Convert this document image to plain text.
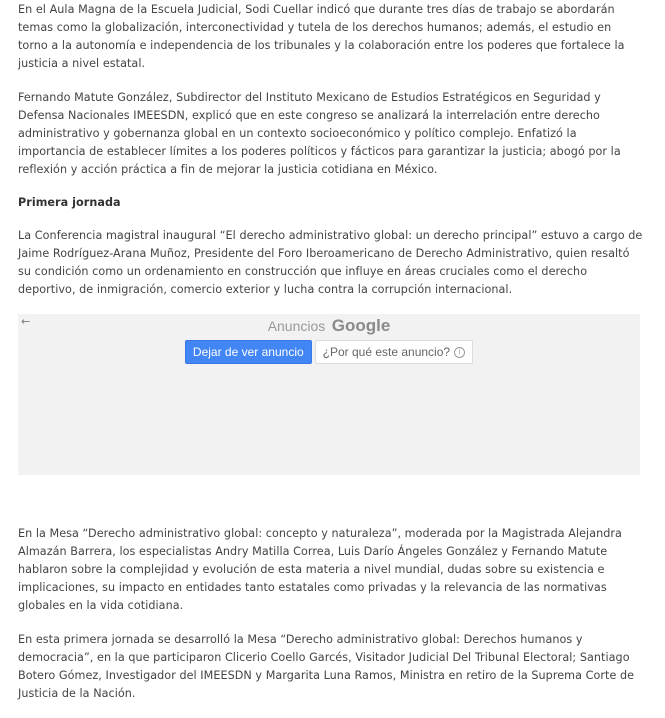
En el Aula Magna de la Escuela Judicial, Sodi Cuellar indicó que durante tres días de trabajo se abordarán temas como la globalización, interconectividad y tutela de los derechos humanos; además, el estudio en torno a la autonomía e independencia de los tribunales y la colaboración entre los poderes que fortalece la justicia a nivel estatal.

Fernando Matute González, Subdirector del Instituto Mexicano de Estudios Estratégicos en Seguridad y Defensa Nacionales IMEESDN, explicó que en este congreso se analizará la interrelación entre derecho administrativo y gobernanza global en un contexto socioeconómico y político complejo. Enfatizó la importancia de establecer límites a los poderes políticos y fácticos para garantizar la justicia; abogó por la reflexión y acción práctica a fin de mejorar la justicia cotidiana en México.

Primera jornada

La Conferencia magistral inaugural “El derecho administrativo global: un derecho principal” estuvo a cargo de Jaime Rodríguez-Arana Muñoz, Presidente del Foro Iberoamericano de Derecho Administrativo, quien resaltó su condición como un ordenamiento en construcción que influye en áreas cruciales como el derecho deportivo, de inmigración, comercio exterior y lucha contra la corrupción internacional.

←	Anuncios Google
Dejar de ver anuncio	¿Por qué este anuncio?	i

En la Mesa “Derecho administrativo global: concepto y naturaleza”, moderada por la Magistrada Alejandra Almazán Barrera, los especialistas Andry Matilla Correa, Luis Darío Ángeles González y Fernando Matute hablaron sobre la complejidad y evolución de esta materia a nivel mundial, dudas sobre su existencia e implicaciones, su impacto en entidades tanto estatales como privadas y la relevancia de las normativas globales en la vida cotidiana.

En esta primera jornada se desarrolló la Mesa “Derecho administrativo global: Derechos humanos y democracia”, en la que participaron Clicerio Coello Garcés, Visitador Judicial Del Tribunal Electoral; Santiago Botero Gómez, Investigador del IMEESDN y Margarita Luna Ramos, Ministra en retiro de la Suprema Corte de Justicia de la Nación.
